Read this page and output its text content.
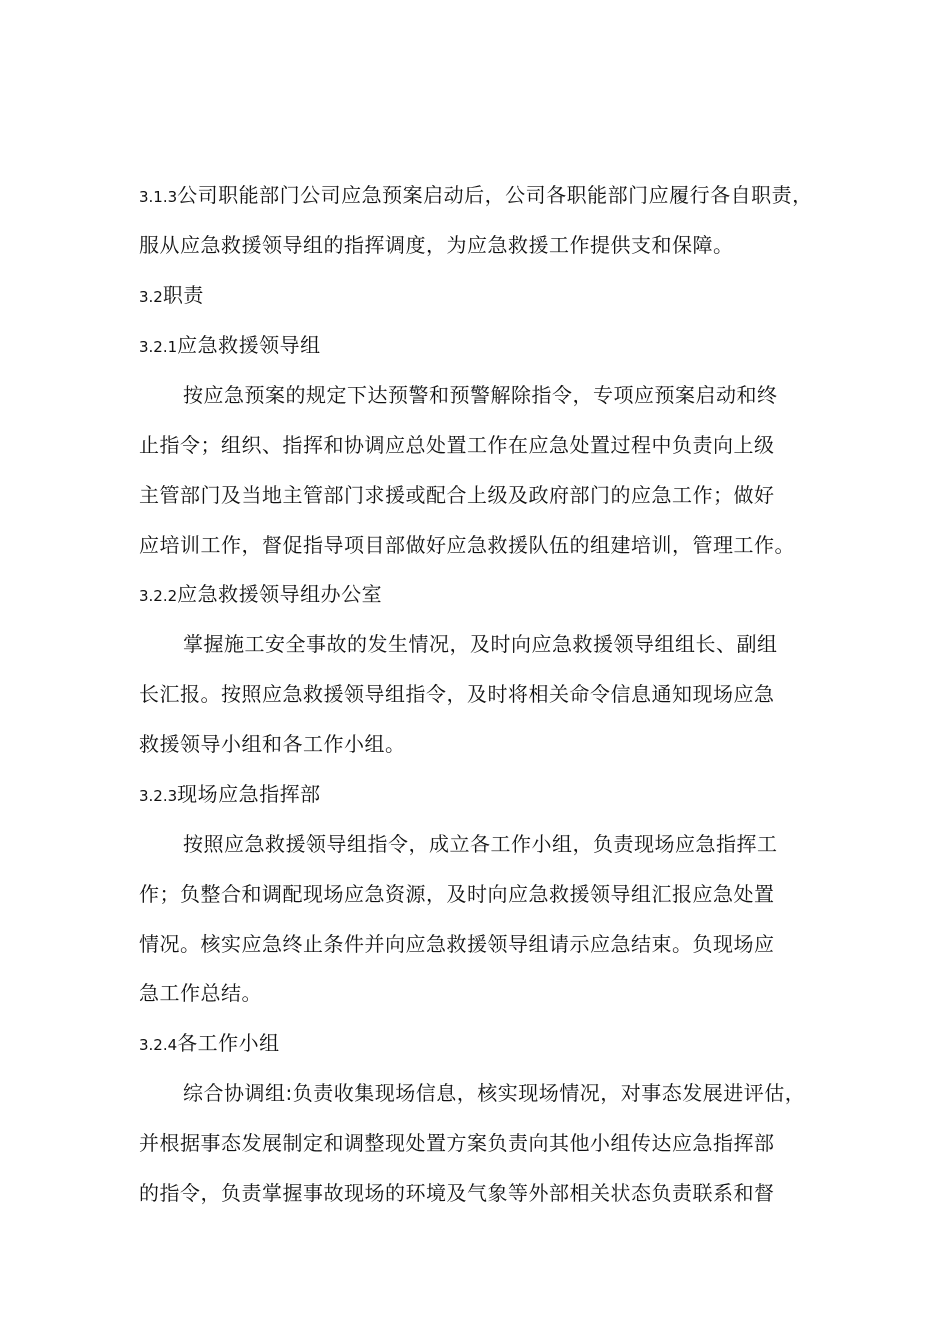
3.1.3公司职能部门公司应急预案启动后，公司各职能部门应履行各自职责，
服从应急救援领导组的指挥调度，为应急救援工作提供支和保障。
3.2职责
3.2.1应急救援领导组
按应急预案的规定下达预警和预警解除指令，专项应预案启动和终
止指令；组织、指挥和协调应总处置工作在应急处置过程中负责向上级
主管部门及当地主管部门求援或配合上级及政府部门的应急工作；做好
应培训工作，督促指导项目部做好应急救援队伍的组建培训，管理工作。
3.2.2应急救援领导组办公室
掌握施工安全事故的发生情况，及时向应急救援领导组组长、副组
长汇报。按照应急救援领导组指令，及时将相关命令信息通知现场应急
救援领导小组和各工作小组。
3.2.3现场应急指挥部
按照应急救援领导组指令，成立各工作小组，负责现场应急指挥工
作；负整合和调配现场应急资源，及时向应急救援领导组汇报应急处置
情况。核实应急终止条件并向应急救援领导组请示应急结束。负现场应
急工作总结。
3.2.4各工作小组
综合协调组:负责收集现场信息，核实现场情况，对事态发展进评估，
并根据事态发展制定和调整现处置方案负责向其他小组传达应急指挥部
的指令，负责掌握事故现场的环境及气象等外部相关状态负责联系和督
